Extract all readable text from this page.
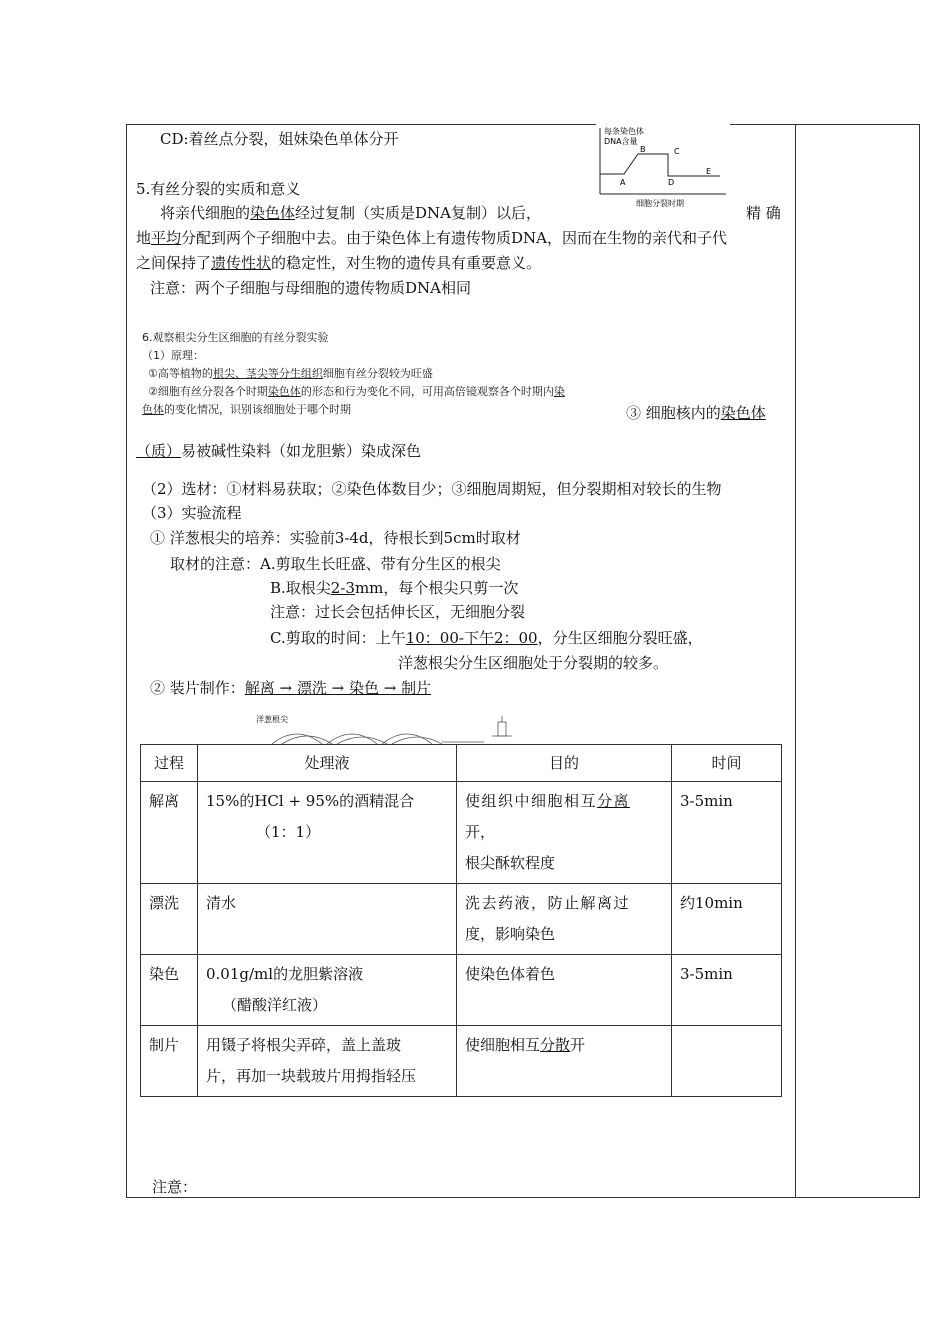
CD:着丝点分裂，姐妹染色单体分开	每条染色体
DNA含量
A
B	C
D
E
细胞分裂时期
5.有丝分裂的实质和意义
将亲代细胞的染色体经过复制（实质是DNA复制）以后，	精 确
地平均分配到两个子细胞中去。由于染色体上有遗传物质DNA，因而在生物的亲代和子代
之间保持了遗传性状的稳定性，对生物的遗传具有重要意义。
注意：两个子细胞与母细胞的遗传物质DNA相同
6.观察根尖分生区细胞的有丝分裂实验
（1）原理：
①高等植物的根尖、茎尖等分生组织细胞有丝分裂较为旺盛
②细胞有丝分裂各个时期染色体的形态和行为变化不同，可用高倍镜观察各个时期内染
色体的变化情况，识别该细胞处于哪个时期	③ 细胞核内的染色体
（质）易被碱性染料（如龙胆紫）染成深色
（2）选材：①材料易获取；②染色体数目少；③细胞周期短，但分裂期相对较长的生物
（3）实验流程
① 洋葱根尖的培养：实验前3-4d，待根长到5cm时取材
取材的注意：A.剪取生长旺盛、带有分生区的根尖
B.取根尖2-3mm，每个根尖只剪一次
注意：过长会包括伸长区，无细胞分裂
C.剪取的时间：上午10：00-下午2：00，分生区细胞分裂旺盛，
洋葱根尖分生区细胞处于分裂期的较多。
② 装片制作：解离 → 漂洗 → 染色 → 制片
洋葱根尖
过程	处理液	目的	时间
解离	15%的HCl + 95%的酒精混合
（1：1）	使组织中细胞相互分离
开，
根尖酥软程度	3-5min
漂洗	清水	洗去药液，防止解离过
度，影响染色	约10min
染色	0.01g/ml的龙胆紫溶液
（醋酸洋红液）	使染色体着色	3-5min
制片	用镊子将根尖弄碎，盖上盖玻
片，再加一块载玻片用拇指轻压	使细胞相互分散开	

注意：
